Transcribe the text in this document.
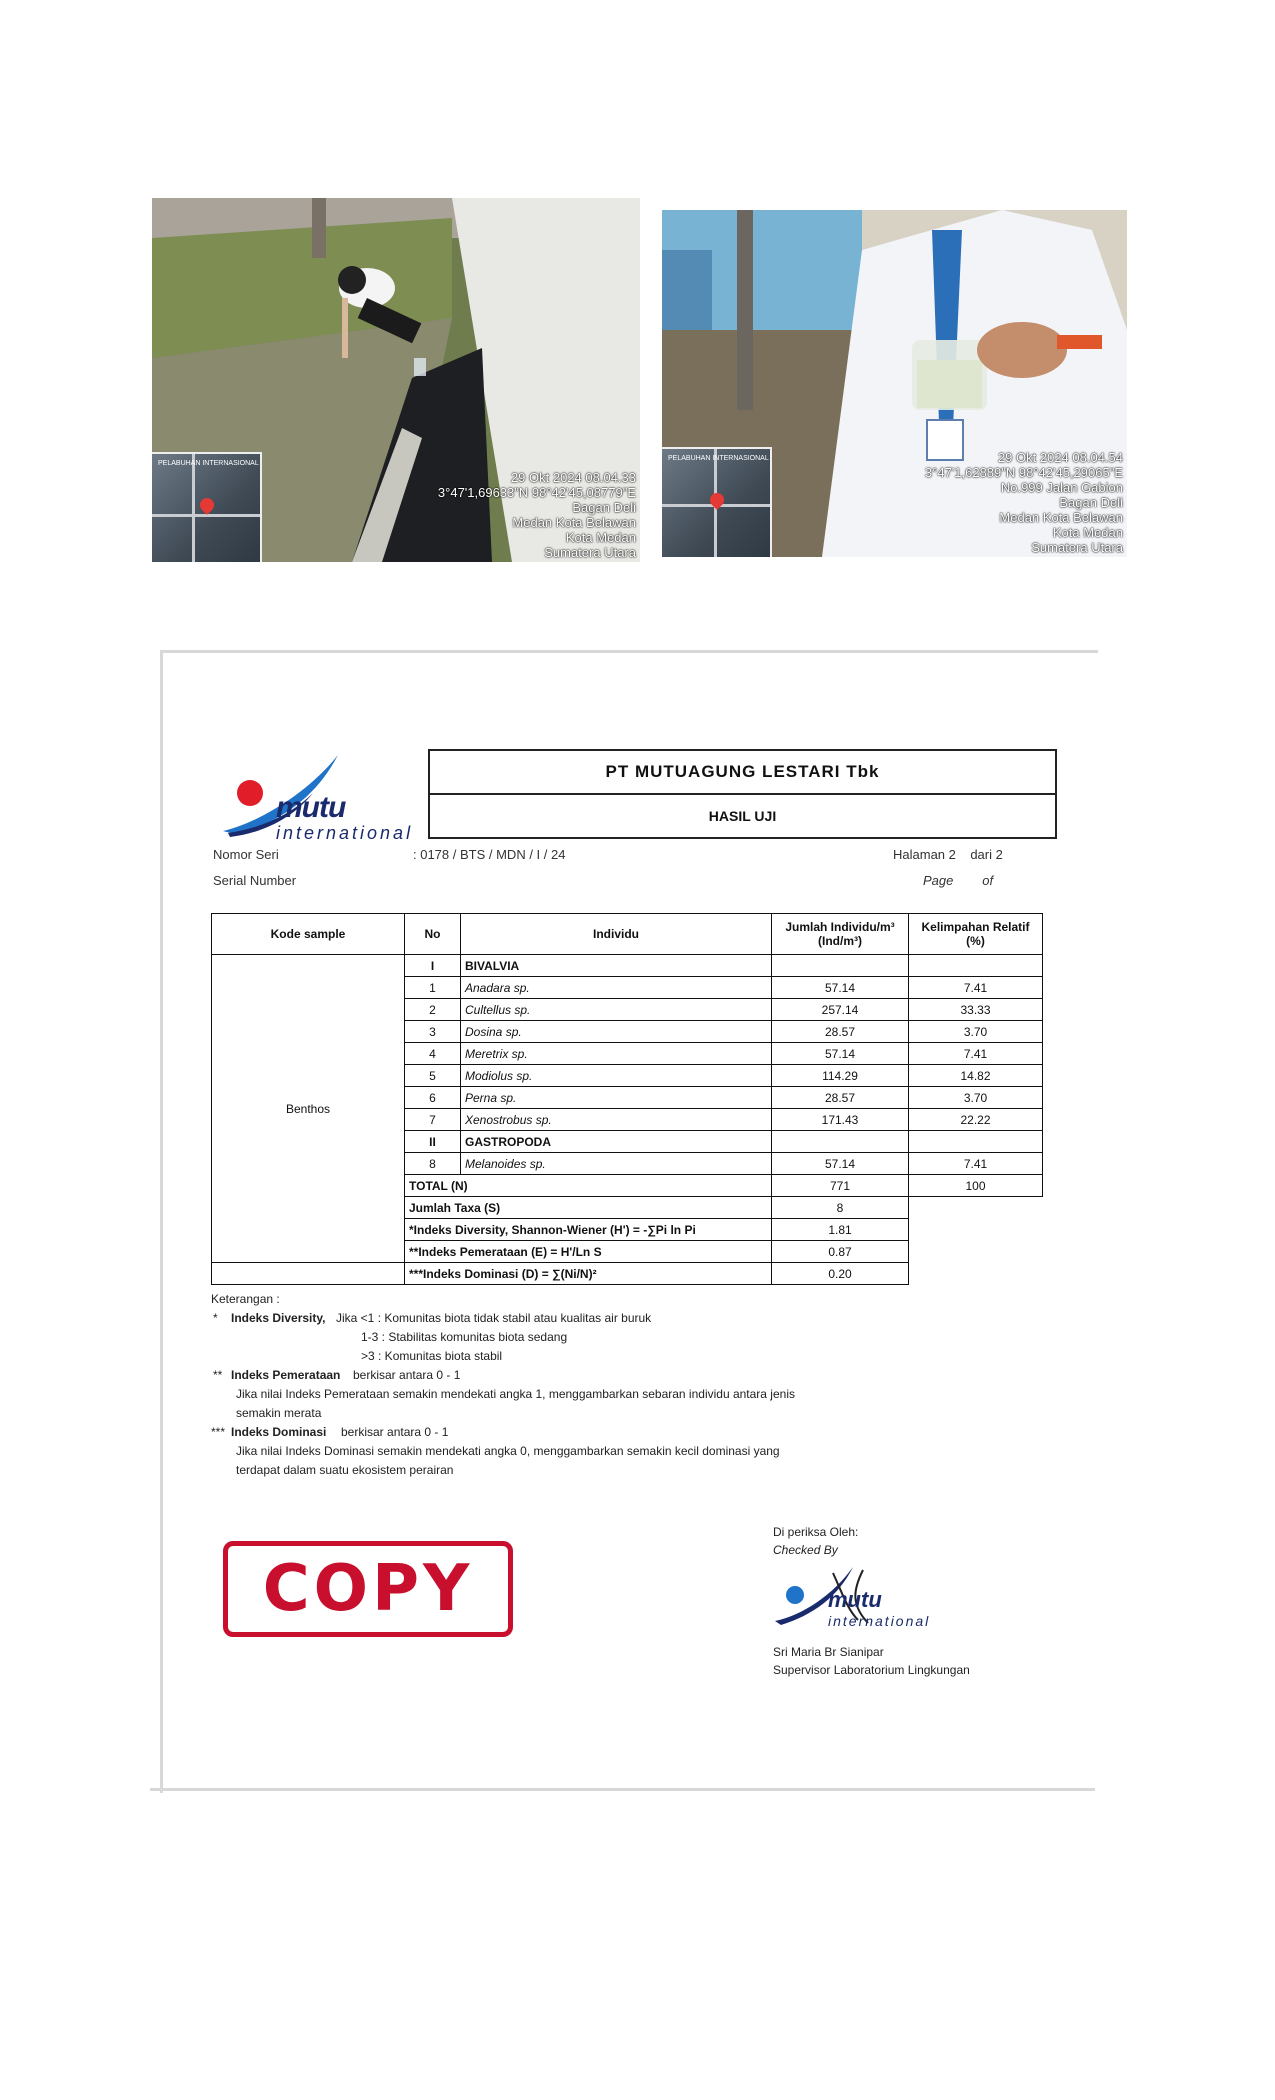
PELABUHAN INTERNASIONAL
29 Okt 2024 08.04.33
3°47'1,69633"N 98°42'45,08779"E
Bagan Deli
Medan Kota Belawan
Kota Medan
Sumatera Utara
PELABUHAN INTERNASIONAL	29 Okt 2024 08.04.54
3°47'1,62889"N 98°42'45,29065"E
No.999 Jalan Gabion
Bagan Deli
Medan Kota Belawan
Kota Medan
Sumatera Utara
mutu
international
PT MUTUAGUNG LESTARI Tbk
HASIL UJI
Nomor Seri
Serial Number
: 0178 / BTS / MDN / I / 24	Halaman 2    dari 2
Page        of
Kode sample	No	Individu	Jumlah Individu/m³ (Ind/m³)	Kelimpahan Relatif (%)
Benthos	I	BIVALVIA		
	1	Anadara sp.	57.14	7.41
	2	Cultellus sp.	257.14	33.33
	3	Dosina sp.	28.57	3.70
	4	Meretrix sp.	57.14	7.41
	5	Modiolus sp.	114.29	14.82
	6	Perna sp.	28.57	3.70
	7	Xenostrobus sp.	171.43	22.22
	II	GASTROPODA		
	8	Melanoides sp.	57.14	7.41
	TOTAL (N)		771	100
	Jumlah Taxa (S)		8	
	*Indeks Diversity, Shannon-Wiener (H') = -∑Pi ln Pi		1.81	
	**Indeks Pemerataan (E) = H'/Ln S		0.87	
	***Indeks Dominasi (D) = ∑(Ni/N)²		0.20	
Keterangan :
* Indeks Diversity, Jika <1 : Komunitas biota tidak stabil atau kualitas air buruk
1-3 : Stabilitas komunitas biota sedang
>3 : Komunitas biota stabil
** Indeks Pemerataan berkisar antara 0 - 1
Jika nilai Indeks Pemerataan semakin mendekati angka 1, menggambarkan sebaran individu antara jenis
semakin merata
*** Indeks Dominasi berkisar antara 0 - 1
Jika nilai Indeks Dominasi semakin mendekati angka 0, menggambarkan semakin kecil dominasi yang
terdapat dalam suatu ekosistem perairan
COPY
Di periksa Oleh:
Checked By
mutu
international
Sri Maria Br Sianipar
Supervisor Laboratorium Lingkungan
